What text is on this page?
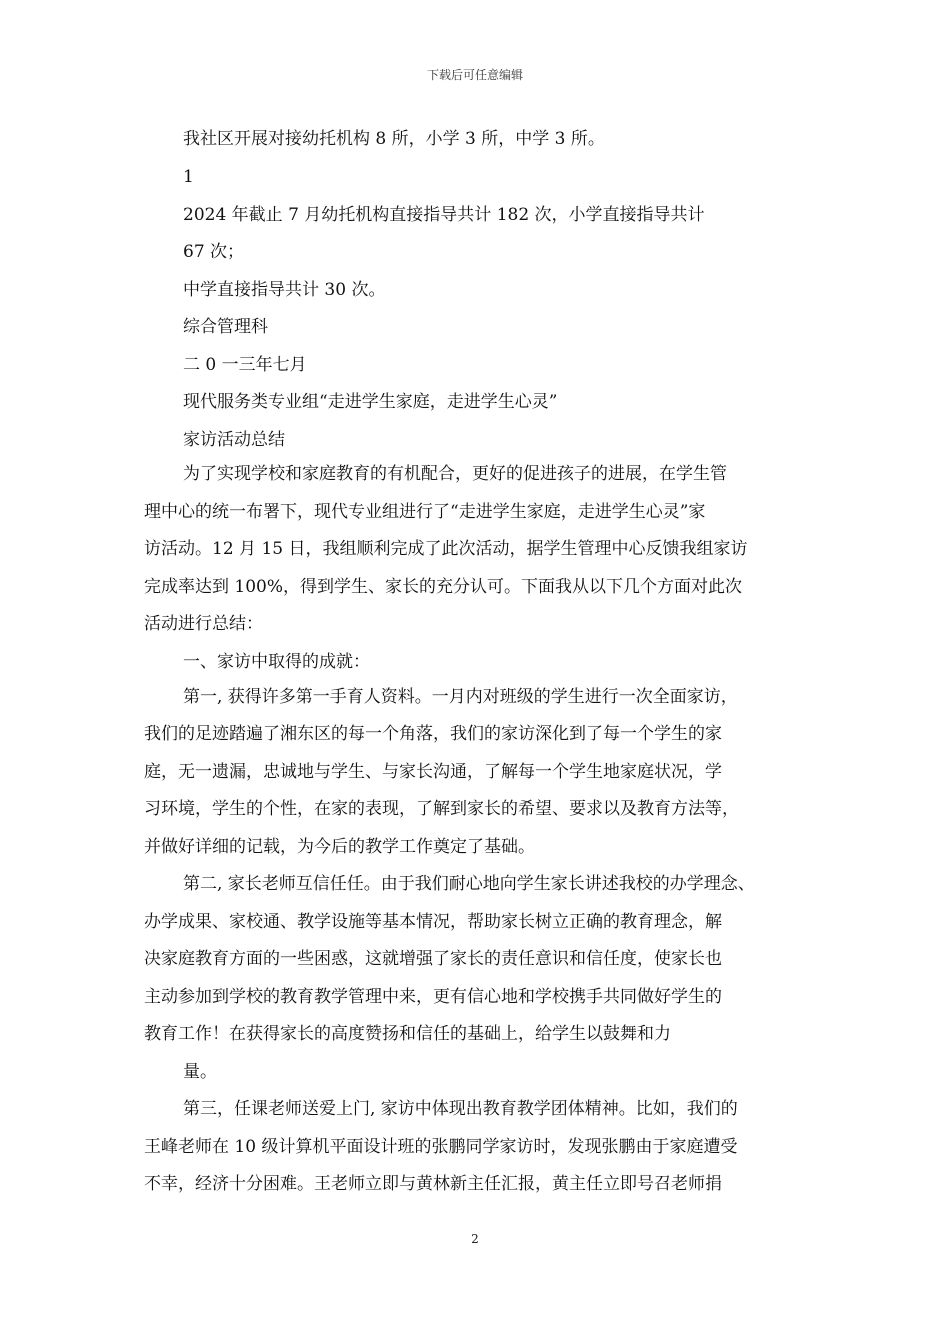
下载后可任意编辑
我社区开展对接幼托机构 8 所，小学 3 所，中学 3 所。
1
2024 年截止 7 月幼托机构直接指导共计 182 次，小学直接指导共计
67 次；
中学直接指导共计 30 次。
综合管理科
二 0 一三年七月
现代服务类专业组“走进学生家庭，走进学生心灵”
家访活动总结
为了实现学校和家庭教育的有机配合，更好的促进孩子的进展，在学生管
理中心的统一布署下，现代专业组进行了“走进学生家庭，走进学生心灵”家
访活动。12 月 15 日，我组顺利完成了此次活动，据学生管理中心反馈我组家访
完成率达到 100%，得到学生、家长的充分认可。下面我从以下几个方面对此次
活动进行总结：
一、家访中取得的成就：
第一, 获得许多第一手育人资料。一月内对班级的学生进行一次全面家访，
我们的足迹踏遍了湘东区的每一个角落，我们的家访深化到了每一个学生的家
庭，无一遗漏，忠诚地与学生、与家长沟通，了解每一个学生地家庭状况，学
习环境，学生的个性，在家的表现，了解到家长的希望、要求以及教育方法等，
并做好详细的记载，为今后的教学工作奠定了基础。
第二, 家长老师互信任任。由于我们耐心地向学生家长讲述我校的办学理念、
办学成果、家校通、教学设施等基本情况，帮助家长树立正确的教育理念，解
决家庭教育方面的一些困惑，这就增强了家长的责任意识和信任度，使家长也
主动参加到学校的教育教学管理中来，更有信心地和学校携手共同做好学生的
教育工作！在获得家长的高度赞扬和信任的基础上，给学生以鼓舞和力
量。
第三，任课老师送爱上门, 家访中体现出教育教学团体精神。比如，我们的
王峰老师在 10 级计算机平面设计班的张鹏同学家访时，发现张鹏由于家庭遭受
不幸，经济十分困难。王老师立即与黄林新主任汇报，黄主任立即号召老师捐
2
